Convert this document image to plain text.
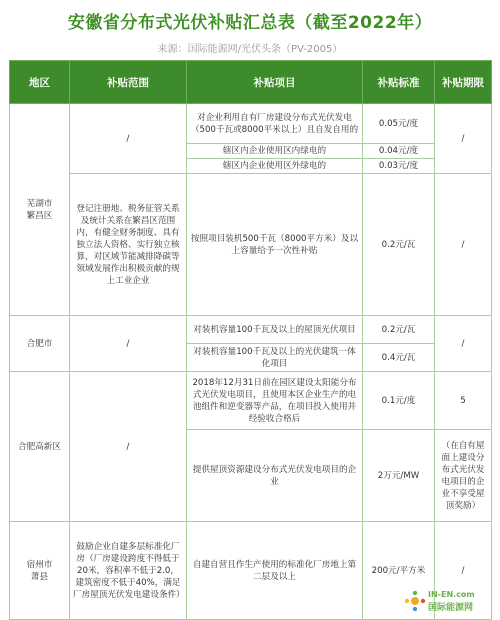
安徽省分布式光伏补贴汇总表（截至2022年）
来源：国际能源网/光伏头条（PV-2005）
地区	补贴范围	补贴项目	补贴标准	补贴期限
芜湖市
繁昌区	/	对企业利用自有厂房建设分布式光伏发电（500千瓦或8000平米以上）且自发自用的	0.05元/度	/
		辖区内企业使用区内绿电的	0.04元/度	
		辖区内企业使用区外绿电的	0.03元/度	
	登记注册地、税务征管关系及统计关系在繁昌区范围内，有健全财务制度、具有独立法人资格、实行独立核算，对区域节能减排降碳等领域发展作出积极贡献的规上工业企业	按照项目装机500千瓦（8000平方米）及以上容量给予一次性补贴	0.2元/瓦	/
合肥市	/	对装机容量100千瓦及以上的屋顶光伏项目	0.2元/瓦	/
		对装机容量100千瓦及以上的光伏建筑一体化项目	0.4元/瓦	
合肥高新区	/	2018年12月31日前在园区建设太阳能分布式光伏发电项目，且使用本区企业生产的电池组件和逆变器等产品，在项目投入使用并经验收合格后	0.1元/度	5
		提供屋顶资源建设分布式光伏发电项目的企业	2万元/MW	（在自有屋面上建设分布式光伏发电项目的企业不享受屋顶奖励）
宿州市
萧县	鼓励企业自建多层标准化厂房（厂房建设跨度不得低于20米，容积率不低于2.0，建筑密度不低于40%，满足厂房屋顶光伏发电建设条件）	自建自营且作生产使用的标准化厂房地上第二层及以上	200元/平方米	/
IN-EN.com
国际能源网
